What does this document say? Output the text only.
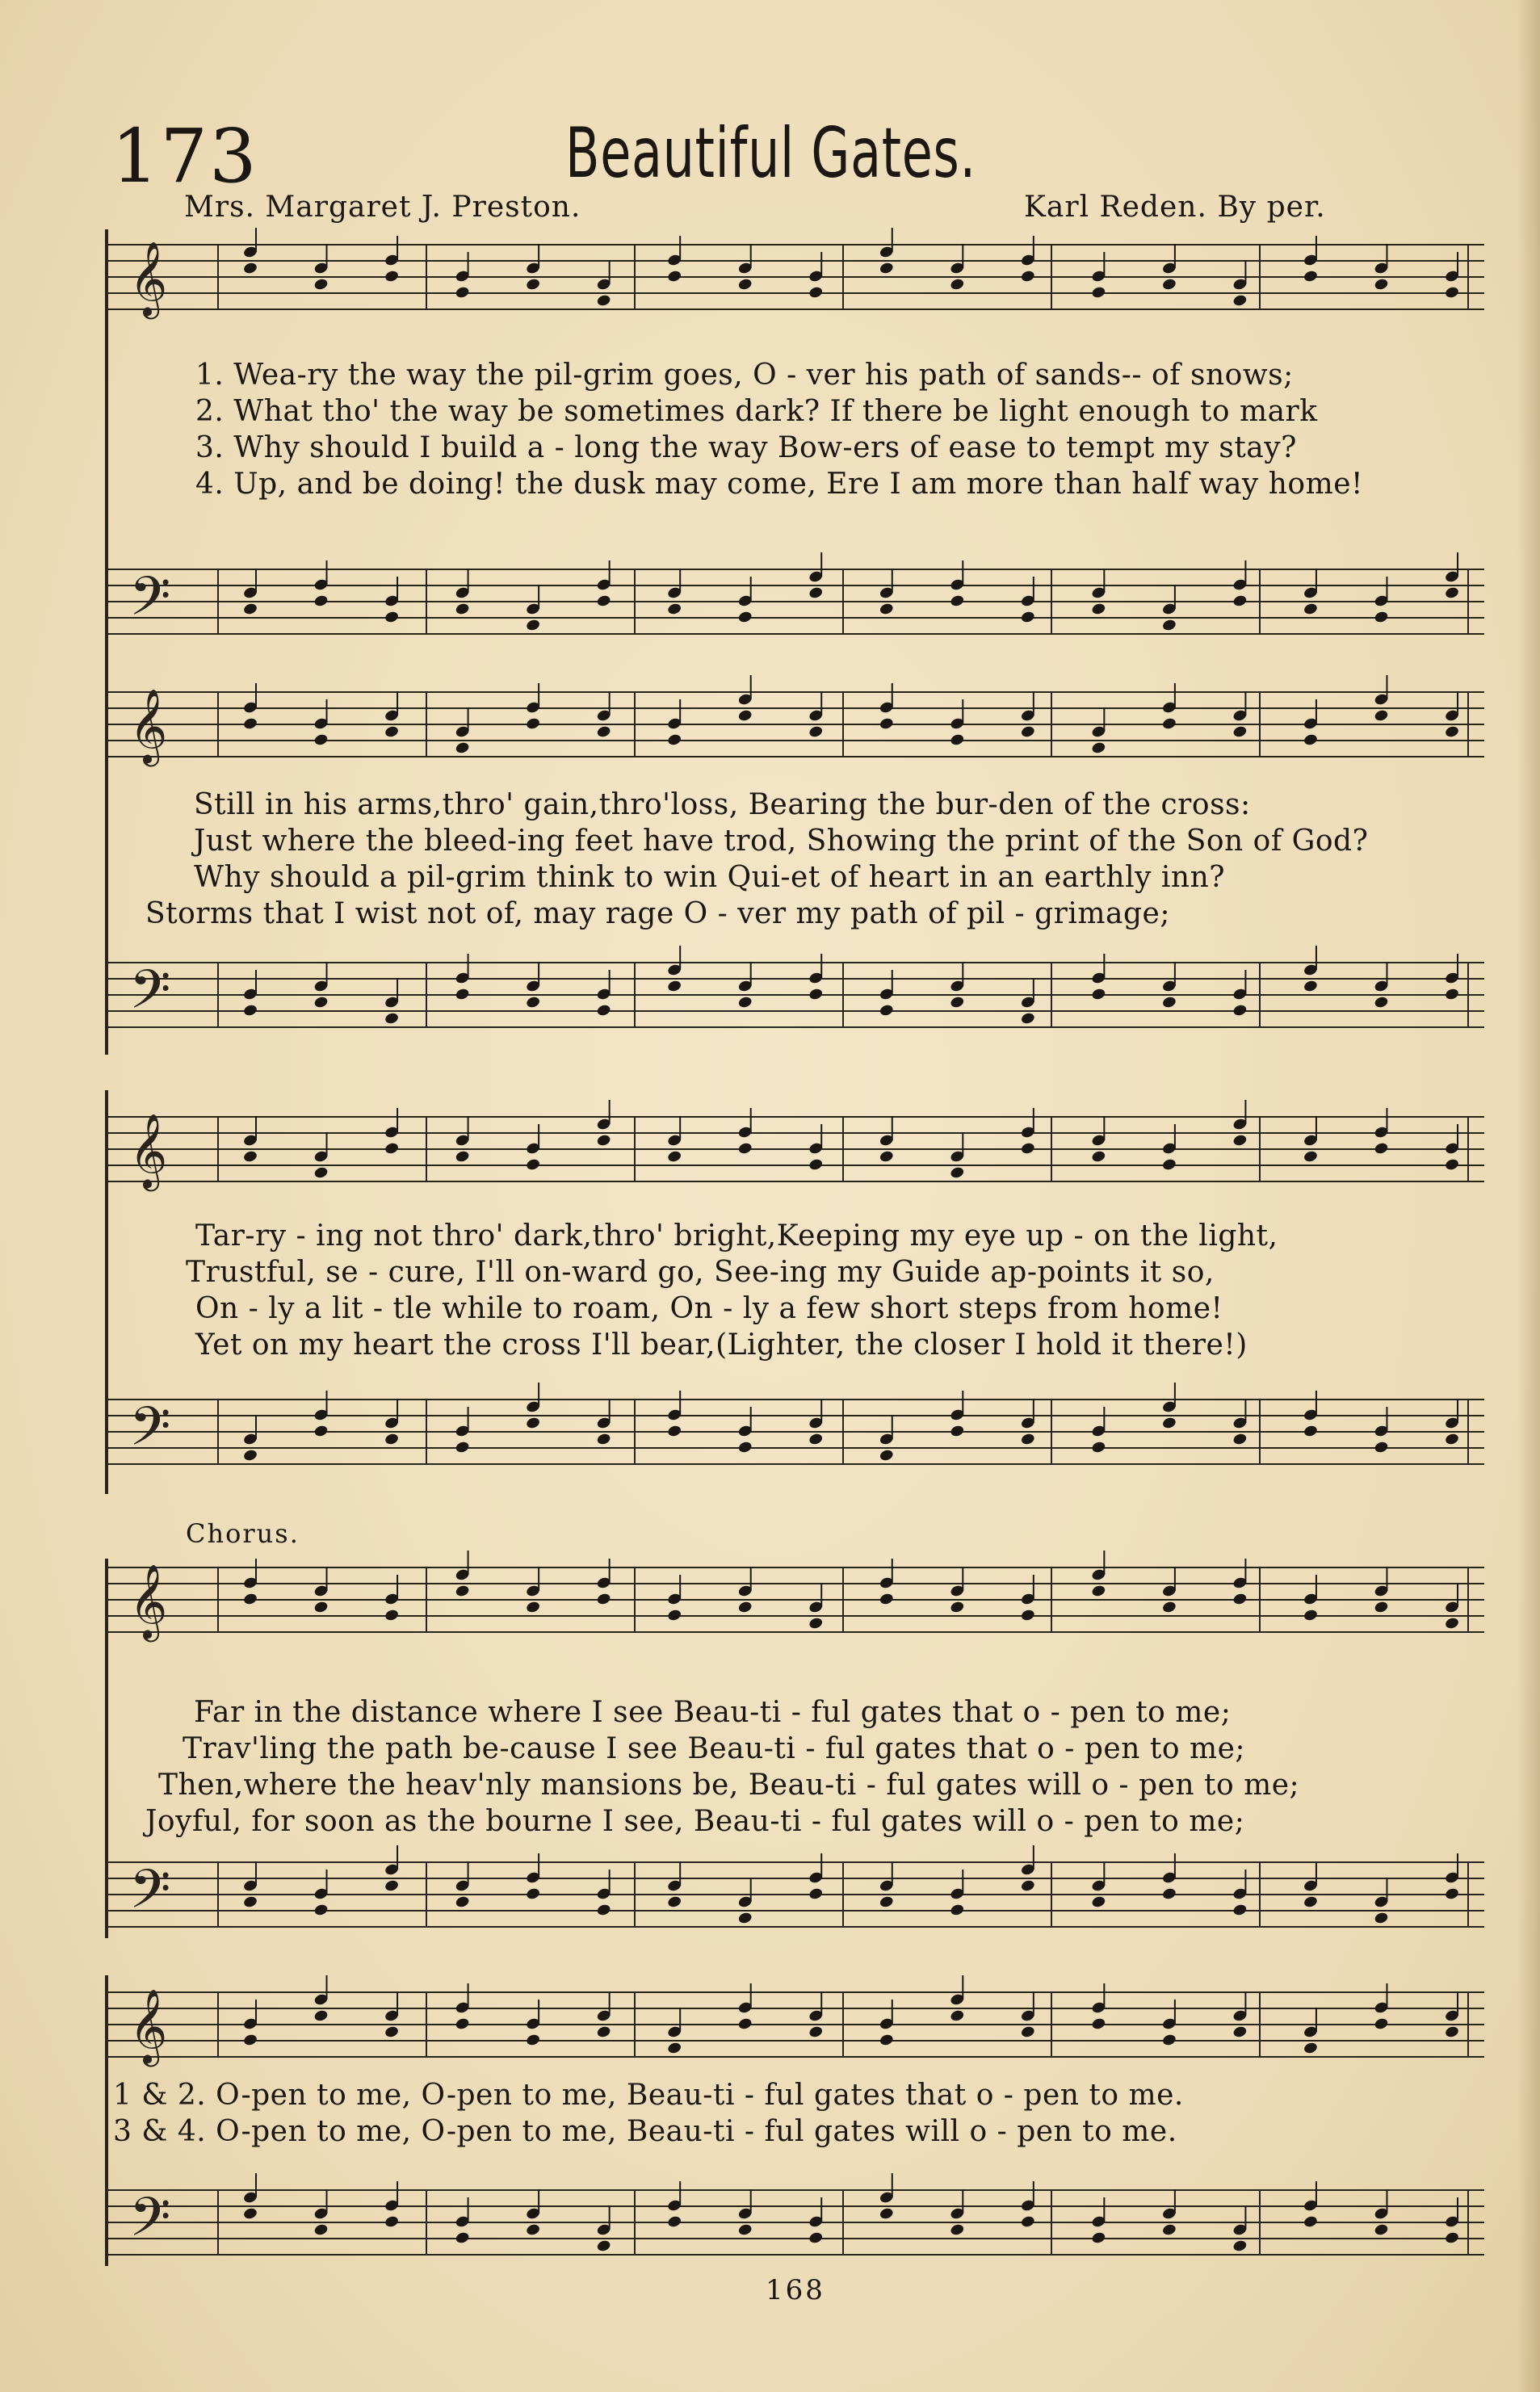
173	Beautiful Gates.
Mrs. Margaret J. Preston.	Karl Reden. By per.
1. Wea-ry the way the pil-grim goes, O - ver his path of sands-- of snows;
2. What tho' the way be sometimes dark? If there be light enough to mark
3. Why should I build a - long the way Bow-ers of ease to tempt my stay?
4. Up, and be doing! the dusk may come, Ere I am more than half way home!
Still in his arms,thro' gain,thro'loss, Bearing the bur-den of the cross:
Just where the bleed-ing feet have trod, Showing the print of the Son of God?
Why should a pil-grim think to win Qui-et of heart in an earthly inn?
Storms that I wist not of, may rage O - ver my path of pil - grimage;
Tar-ry - ing not thro' dark,thro' bright,Keeping my eye up - on the light,
Trustful, se - cure, I'll on-ward go, See-ing my Guide ap-points it so,
On - ly a lit - tle while to roam, On - ly a few short steps from home!
Yet on my heart the cross I'll bear,(Lighter, the closer I hold it there!)
Chorus.
Far in the distance where I see Beau-ti - ful gates that o - pen to me;
Trav'ling the path be-cause I see Beau-ti - ful gates that o - pen to me;
Then,where the heav'nly mansions be, Beau-ti - ful gates will o - pen to me;
Joyful, for soon as the bourne I see, Beau-ti - ful gates will o - pen to me;
1 & 2. O-pen to me, O-pen to me, Beau-ti - ful gates that o - pen to me.
3 & 4. O-pen to me, O-pen to me, Beau-ti - ful gates will o - pen to me.
𝄞
𝄢
𝄞
𝄢
𝄞
𝄢
𝄞
𝄢
𝄞
𝄢
168
